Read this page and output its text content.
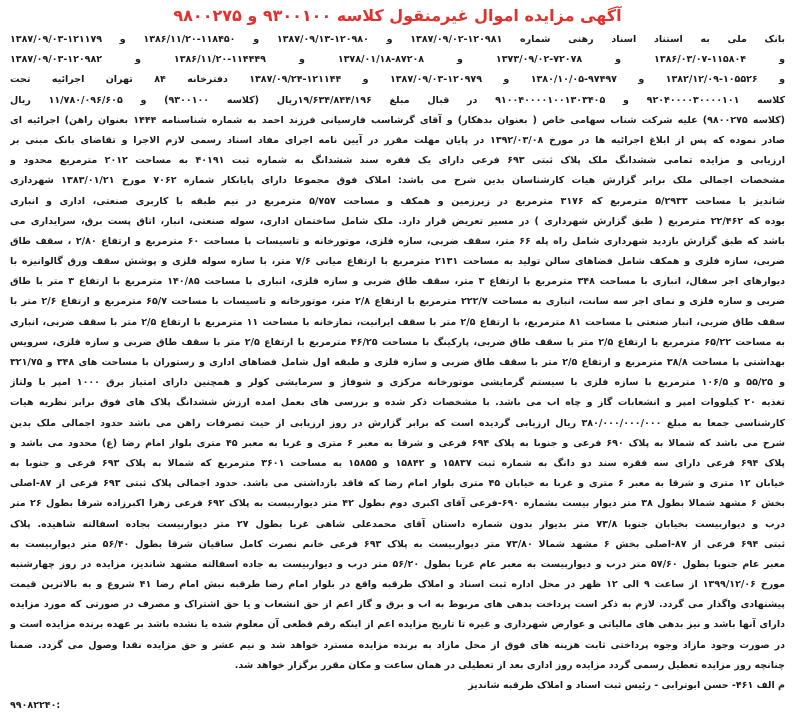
آگهی مزایده اموال غیرمنقول کلاسه ۹۳۰۰۱۰۰ و ۹۸۰۰۲۷۵
بانک ملی به استناد اسناد رهنی شماره ۱۲۰۹۸۱-۱۳۸۷/۰۹/۰۲ و ۱۲۰۹۸۰-۱۳۸۷/۰۹/۱۳ و ۱۱۸۴۵۰-۱۳۸۶/۱۱/۲۰ و ۱۲۱۱۷۹-۱۳۸۷/۰۹/۰۳
و ۱۱۵۸۰۴-۱۳۸۶/۰۳/۰۷ و ۷۲۰۷۸-۱۳۷۳/۰۹/۰۲ و ۸۷۲۰۸-۱۳۷۸/۰۱/۱۸ و ۱۱۴۴۴۹-۱۳۸۶/۱۱/۲۰ و ۱۲۰۹۸۲-۱۳۸۷/۰۹/۰۳
و ۱۰۵۵۲۶-۱۳۸۲/۱۲/۰۹ و ۹۷۴۹۷-۱۳۸۰/۱۰/۰۵ و ۱۲۰۹۷۹-۱۳۸۷/۰۹/۰۳ و ۱۲۱۱۴۴-۱۳۸۷/۰۹/۲۴ دفترخانه ۸۴ تهران اجرائیه تحت
کلاسه ۹۲۰۴۰۰۰۰۳۰۰۰۰۱۰۱ و ۹۱۰۰۴۰۰۰۰۱۰۰۱۳۰۳۴۰۵ در قبال مبلغ ۱۹/۶۳۴/۸۴۴/۱۹۶ریال (کلاسه ۹۳۰۰۱۰۰) و ۱۱/۷۸۰/۰۹۶/۶۰۵ ریال
(کلاسه ۹۸۰۰۲۷۵) علیه شرکت شناب سهامی خاص ( بعنوان بدهکار) و آقای گرشاسب فارسیانی فرزند احمد به شماره شناسنامه ۱۴۴۴ بعنوان راهن) اجرائیه ای
صادر نموده که پس از ابلاغ اجرائیه ها در مورخ ۱۳۹۲/۰۳/۰۸ در پایان مهلت مقرر در آیین نامه اجرای مفاد اسناد رسمی لازم الاجرا و تقاضای بانک مبنی بر
ارزیابی و مزایده تمامی ششدانگ ملک پلاک ثبتی ۶۹۳ فرعی دارای یک فقره سند ششدانگ به شماره ثبت ۴۰۱۹۱ به مساحت ۲۰۱۲ مترمربع محدود و
مشخصات اجمالی ملک برابر گزارش هیات کارشناسان بدین شرح می باشد: املاک فوق مجموعا دارای پایانکار شماره ۷۰۶۲ مورخ ۱۳۸۳/۰۱/۲۱ شهرداری
شاندیز با مساحت ۵/۲۹۳۳ مترمربع که ۳۱۷۶ مترمربع در زیرزمین و همکف و مساحت ۵/۷۵۷ مترمربع در نیم طبقه با کاربری صنعتی، اداری و انباری
بوده که ۲۲/۴۶۲ مترمربع ( طبق گزارش شهرداری ) در مسیر تعریض قرار دارد. ملک شامل ساختمان اداری، سوله صنعتی، انبار، اتاق پست برق، سرایداری می
باشد که طبق گزارش بازدید شهرداری شامل راه پله ۶۶ متر، سقف ضربی، سازه فلزی، موتورخانه و تاسیسات با مساحت ۶۰ مترمربع و ارتفاع ۲/۸۰ ، سقف طاق
ضربی، سازه فلزی و همکف شامل فضاهای سالن تولید به مساحت ۲۱۳۱ مترمربع با ارتفاع میانی ۷/۶ متر، با سازه سوله فلزی و پوشش سقف ورق گالوانیزه با
دیوارهای اجر سفال، انباری با مساحت ۳۴۸ مترمربع با ارتفاع ۳ متر، سقف طاق ضربی و سازه فلزی، انباری با مساحت ۱۴۰/۸۵ مترمربع با ارتفاع ۳ متر با طاق
ضربی و سازه فلزی و نمای اجر سه سانت، انباری به مساحت ۲۲۲/۷ مترمربع با ارتفاع ۲/۸ متر، موتورخانه و تاسیسات با مساحت ۶۵/۷ مترمربع و ارتفاع ۲/۶ متر با
سقف طاق ضربی، انبار صنعتی با مساحت ۸۱ مترمربع، با ارتفاع ۲/۵ متر با سقف ایرانیت، نمازخانه با مساحت ۱۱ مترمربع با ارتفاع ۲/۵ متر با سقف ضربی، انباری
به مساحت ۶۵/۲۲ مترمربع با ارتفاع ۲/۵ متر با سقف طاق ضربی، پارکینگ با مساحت ۴۶/۲۵ مترمربع با ارتفاع ۲/۵ متر با سقف طاق ضربی و سازه فلزی، سرویس
بهداشتی با مساحت ۳۸/۸ مترمربع و ارتفاع ۲/۵ متر با سقف طاق ضربی و سازه فلزی و طبقه اول شامل فضاهای اداری و رستوران با مساحت های ۳۴۸ و ۳۲۱/۷۵
و ۵۵/۲۵ و ۱۰۶/۵ مترمربع با سازه فلزی با سیستم گرمایشی موتورخانه مرکزی و شوفاژ و سرمایشی کولر و همچنین دارای امتیاز برق ۱۰۰۰ امپر با ولتاژ
تغذیه ۲۰ کیلووات امپر و انشعابات گاز و چاه اب می باشد. با مشخصات ذکر شده و بررسی های بعمل امده ارزش ششدانگ پلاک های فوق برابر نظریه هیات
کارشناسی جمعا به مبلغ ۳۸۰/۰۰۰/۰۰۰/۰۰۰ ریال ارزیابی گردیده است که برابر گزارش در روز ارزیابی از حیث تصرفات راهن می باشد حدود اجمالی ملک بدین
شرح می باشد که شمالا به پلاک ۶۹۰ فرعی و جنوبا به پلاک ۶۹۴ فرعی و شرقا به معبر ۶ متری و غربا به معبر ۴۵ متری بلوار امام رضا (ع) محدود می باشد و
پلاک ۶۹۴ فرعی دارای سه فقره سند دو دانگ به شماره ثبت ۱۵۸۳۷ و ۱۵۸۴۲ و ۱۵۸۵۵ به مساحت ۳۶۰۱ مترمربع که شمالا به پلاک ۶۹۳ فرعی و جنوبا به
خیابان ۱۲ متری و شرقا به معبر ۶ متری و غربا به خیابان ۴۵ متری بلوار امام رضا که فاقد بازداشتی می باشد. حدود اجمالی پلاک ثبتی ۶۹۳ فرعی از ۸۷-اصلی
بخش ۶ مشهد شمالا بطول ۳۸ متر دیوار بیست بشماره ۶۹۰-فرعی آقای اکبری دوم بطول ۴۲ متر دیواربیست به پلاک ۶۹۲ فرعی زهرا اکبرزاده شرقا بطول ۲۶ متر
درب و دیواربیست بخیابان جنوبا ۷۳/۸ متر بدیوار بدون شماره داستان آقای محمدعلی شاهی غربا بطول ۲۷ متر دیواربیست بجاده اسفالته شاهیده. پلاک
ثبتی ۶۹۴ فرعی از ۸۷-اصلی بخش ۶ مشهد شمالا ۷۳/۸۰ متر دیواربیست به پلاک ۶۹۳ فرعی خانم نصرت کامل ساقیان شرقا بطول ۵۶/۴۰ متر دیواربیست به
معبر عام جنوبا بطول ۵۷/۶۰ متر درب و دیواربیست به معبر عام غربا بطول ۵۶/۲۰ متر درب و دیواربیست به جاده اسفالته مشهد شاندیز، مزایده در روز چهارشنبه
مورخ ۱۳۹۹/۱۲/۰۶ از ساعت ۹ الی ۱۲ ظهر در محل اداره ثبت اسناد و املاک طرقبه واقع در بلوار امام رضا طرقبه نبش امام رضا ۴۱ شروع و به بالاترین قیمت
پیشنهادی واگذار می گردد. لازم به ذکر است پرداخت بدهی های مربوط به اب و برق و گاز اعم از حق انشعاب و یا حق اشتراک و مصرف در صورتی که مورد مزایده
دارای آنها باشد و نیز بدهی های مالیاتی و عوارض شهرداری و غیره تا تاریخ مزایده اعم از اینکه رقم قطعی آن معلوم شده یا نشده باشد بر عهده برنده مزایده است و
در صورت وجود مازاد وجوه پرداختی ثابت هزینه های فوق از محل مازاد به برنده مزایده مسترد خواهد شد و نیم عشر و حق مزایده نقدا وصول می گردد. ضمنا
چنانچه روز مزایده تعطیل رسمی گردد مزایده روز اداری بعد از تعطیلی در همان ساعت و مکان مقرر برگزار خواهد شد.
م الف ۴۶۱- حسن ابوترابی - رئیس ثبت اسناد و املاک طرقبه شاندیز
۹۹۰۸۲۲۴۰:
